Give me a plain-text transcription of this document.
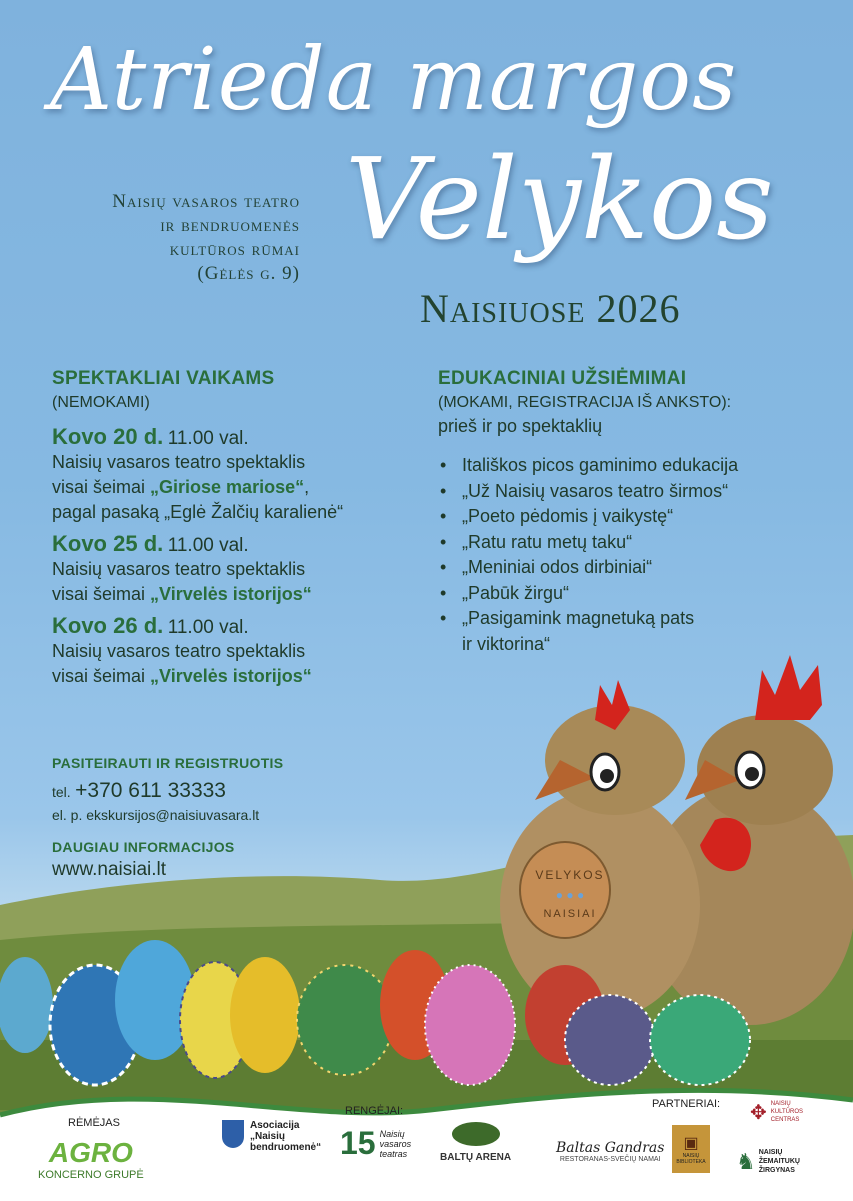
VELYKOS
● ● ●
NAISIAI
Atrieda margos
Velykos
Naisių vasaros teatro
ir bendruomenės
kultūros rūmai
(Gėlės g. 9)
Naisiuose 2026
SPEKTAKLIAI VAIKAMS
(NEMOKAMI)
Kovo 20 d. 11.00 val.
Naisių vasaros teatro spektaklis
visai šeimai „Giriose mariose“,
pagal pasaką „Eglė Žalčių karalienė“
Kovo 25 d. 11.00 val.
Naisių vasaros teatro spektaklis
visai šeimai „Virvelės istorijos“
Kovo 26 d. 11.00 val.
Naisių vasaros teatro spektaklis
visai šeimai „Virvelės istorijos“
EDUKACINIAI UŽSIĖMIMAI
(MOKAMI, REGISTRACIJA IŠ ANKSTO):
prieš ir po spektaklių
• Itališkos picos gaminimo edukacija
• „Už Naisių vasaros teatro širmos“
• „Poeto pėdomis į vaikystę“
• „Ratu ratu metų taku“
• „Meniniai odos dirbiniai“
• „Pabūk žirgu“
• „Pasigamink magnetuką pats
ir viktorina“
PASITEIRAUTI IR REGISTRUOTIS
tel. +370 611 33333
el. p. ekskursijos@naisiuvasara.lt
DAUGIAU INFORMACIJOS
www.naisiai.lt
RĖMĖJAS
AGRO
KONCERNO GRUPĖ
Asociacija
„Naisių
bendruomenė“
RENGĖJAI:
15 Naisių
vasaros
teatras	BALTŲ ARENA
PARTNERIAI:
Baltas Gandras
RESTORANAS-SVEČIŲ NAMAI
▣
NAISIŲ BIBLIOTEKA
✥ NAISIŲ
KULTŪROS
CENTRAS
♞ NAISIŲ
ŽEMAITUKŲ
ŽIRGYNAS
